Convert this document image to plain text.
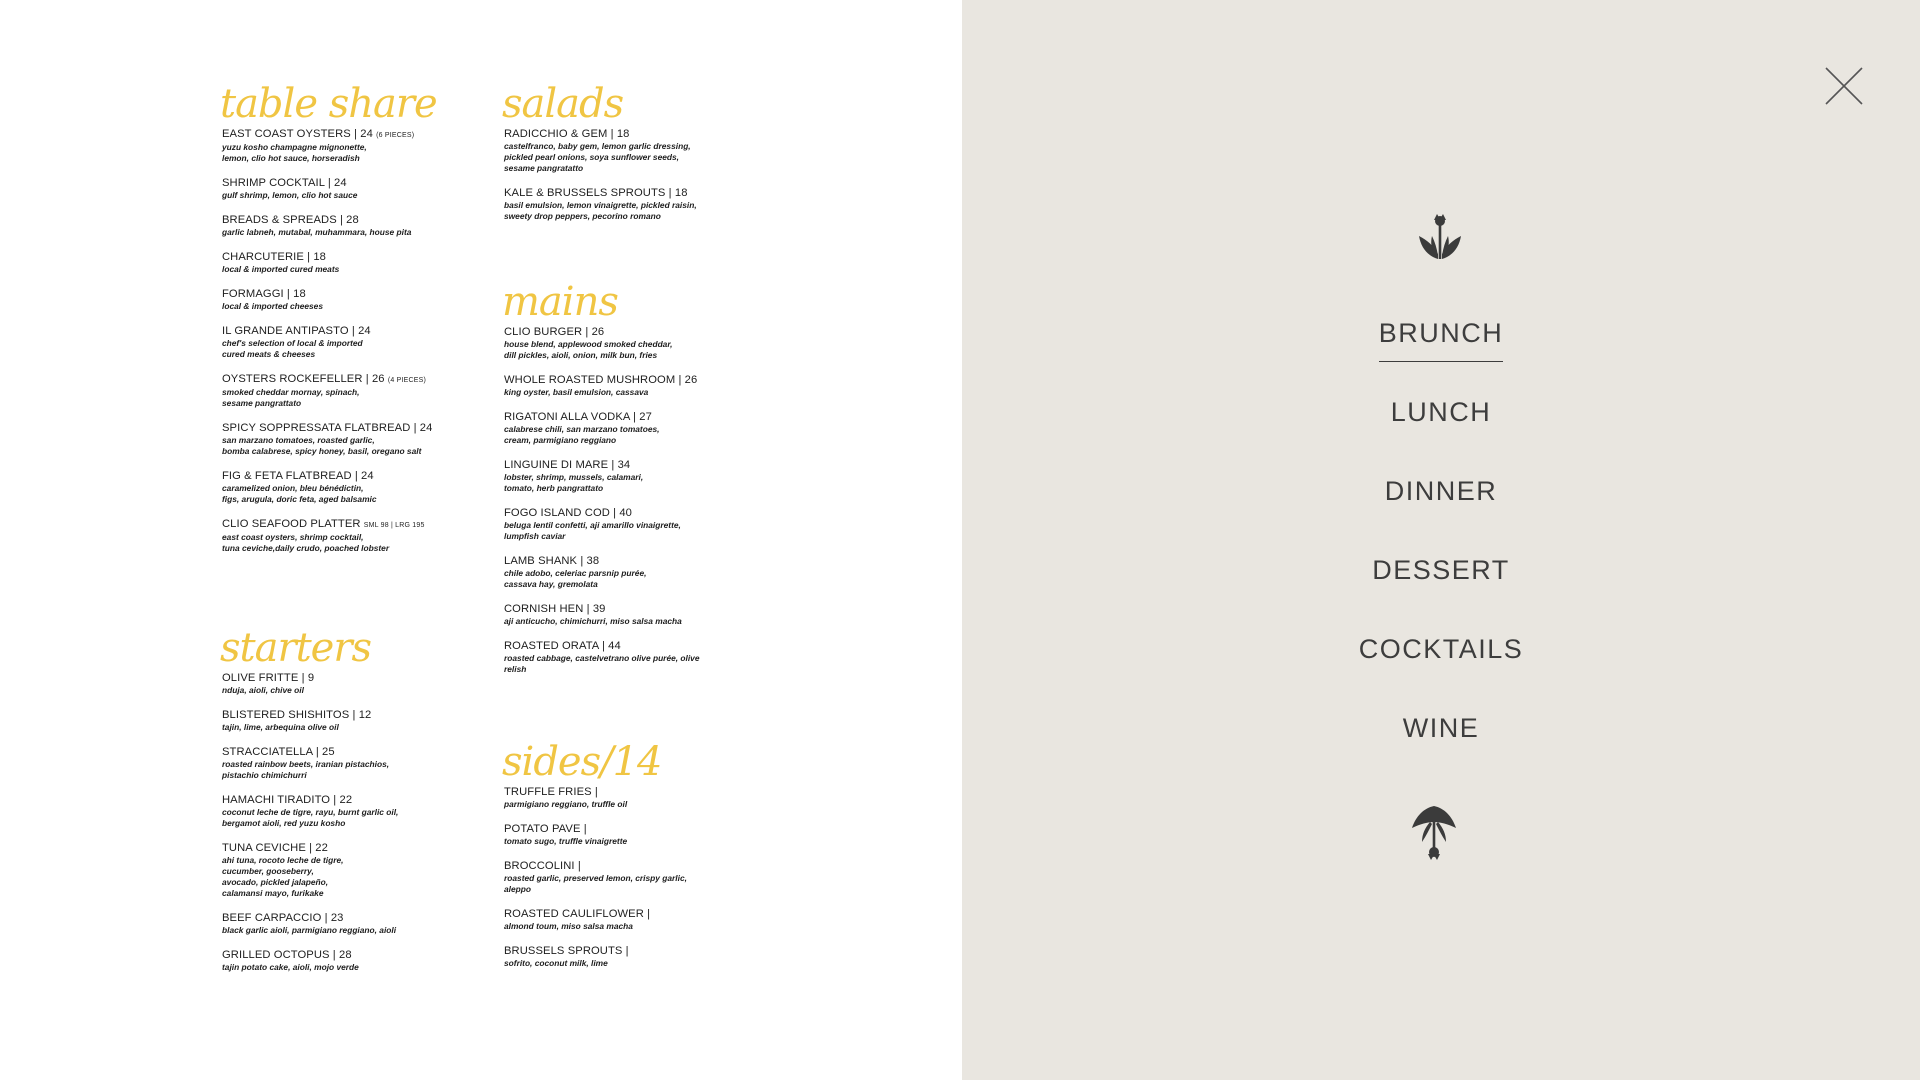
table share
EAST COAST OYSTERS | 24 (6 PIECES)
yuzu kosho champagne mignonette,
lemon, clio hot sauce, horseradish
SHRIMP COCKTAIL | 24
gulf shrimp, lemon, clio hot sauce
BREADS & SPREADS | 28
garlic labneh, mutabal, muhammara, house pita
CHARCUTERIE | 18
local & imported cured meats
FORMAGGI | 18
local & imported cheeses
IL GRANDE ANTIPASTO | 24
chef's selection of local & imported
cured meats & cheeses
OYSTERS ROCKEFELLER | 26 (4 PIECES)
smoked cheddar mornay, spinach,
sesame pangrattato
SPICY SOPPRESSATA FLATBREAD | 24
san marzano tomatoes, roasted garlic,
bomba calabrese, spicy honey, basil, oregano salt
FIG & FETA FLATBREAD | 24
caramelized onion, bleu bénédictin,
figs, arugula, doric feta, aged balsamic
CLIO SEAFOOD PLATTER SML 98 | LRG 195
east coast oysters, shrimp cocktail,
tuna ceviche,daily crudo, poached lobster
starters
OLIVE FRITTE | 9
nduja, aioli, chive oil
BLISTERED SHISHITOS | 12
tajin, lime, arbequina olive oil
STRACCIATELLA | 25
roasted rainbow beets, iranian pistachios,
pistachio chimichurri
HAMACHI TIRADITO | 22
coconut leche de tigre, rayu, burnt garlic oil,
bergamot aioli, red yuzu kosho
TUNA CEVICHE | 22
ahi tuna, rocoto leche de tigre,
cucumber, gooseberry,
avocado, pickled jalapeño,
calamansi mayo, furikake
BEEF CARPACCIO | 23
black garlic aioli, parmigiano reggiano, aioli
GRILLED OCTOPUS | 28
tajin potato cake, aioli, mojo verde
salads
RADICCHIO & GEM | 18
castelfranco, baby gem, lemon garlic dressing,
pickled pearl onions, soya sunflower seeds,
sesame pangratatto
KALE & BRUSSELS SPROUTS | 18
basil emulsion, lemon vinaigrette, pickled raisin,
sweety drop peppers, pecorino romano
mains
CLIO BURGER | 26
house blend, applewood smoked cheddar,
dill pickles, aioli, onion, milk bun, fries
WHOLE ROASTED MUSHROOM | 26
king oyster, basil emulsion, cassava
RIGATONI ALLA VODKA | 27
calabrese chili, san marzano tomatoes,
cream, parmigiano reggiano
LINGUINE DI MARE | 34
lobster, shrimp, mussels, calamari,
tomato, herb pangrattato
FOGO ISLAND COD | 40
beluga lentil confetti, aji amarillo vinaigrette,
lumpfish caviar
LAMB SHANK | 38
chile adobo, celeriac parsnip purée,
cassava hay, gremolata
CORNISH HEN | 39
aji anticucho, chimichurri, miso salsa macha
ROASTED ORATA | 44
roasted cabbage, castelvetrano olive purée, olive
relish
sides/14
TRUFFLE FRIES |
parmigiano reggiano, truffle oil
POTATO PAVE |
tomato sugo, truffle vinaigrette
BROCCOLINI |
roasted garlic, preserved lemon, crispy garlic,
aleppo
ROASTED CAULIFLOWER |
almond toum, miso salsa macha
BRUSSELS SPROUTS |
sofrito, coconut milk, lime
BRUNCH
LUNCH
DINNER
DESSERT
COCKTAILS
WINE
